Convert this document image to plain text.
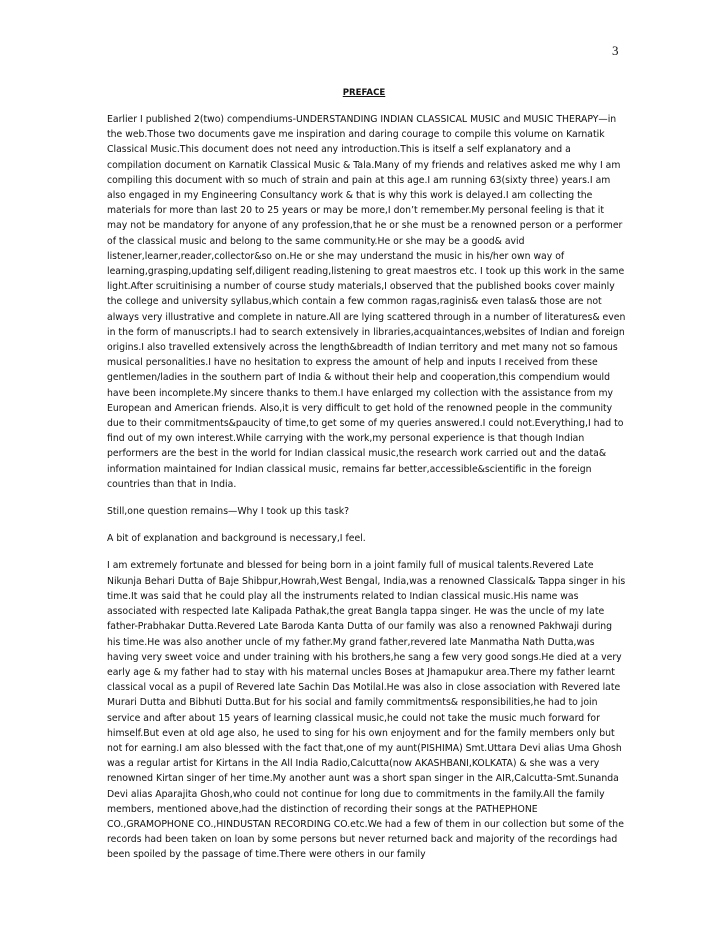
3
PREFACE

Earlier I published 2(two) compendiums-UNDERSTANDING INDIAN CLASSICAL MUSIC and MUSIC THERAPY—in the web.Those two documents gave me inspiration and daring courage to compile this volume on Karnatik Classical Music.This document does not need any introduction.This is itself a self explanatory and a compilation document on Karnatik Classical Music & Tala.Many of my friends and relatives asked me why I am compiling this document with so much of strain and pain at this age.I am running 63(sixty three) years.I am also engaged in my Engineering Consultancy work & that is why this work is delayed.I am collecting the materials for more than last 20 to 25 years or may be more,I don’t remember.My personal feeling is that it may not be mandatory for anyone of any profession,that he or she must be a renowned person or a performer of the classical music and belong to the same community.He or she may be a good& avid listener,learner,reader,collector&so on.He or she may understand the music in his/her own way of learning,grasping,updating self,diligent reading,listening to great maestros etc. I took up this work in the same light.After scruitinising a number of course study materials,I observed that the published books cover mainly the college and university syllabus,which contain a few common ragas,raginis& even talas& those are not always very illustrative and complete in nature.All are lying scattered through in a number of literatures& even in the form of manuscripts.I had to search extensively in libraries,acquaintances,websites of Indian and foreign origins.I also travelled extensively across the length&breadth of Indian territory and met many not so famous musical personalities.I have no hesitation to express the amount of help and inputs I received from these gentlemen/ladies in the southern part of India & without their help and cooperation,this compendium would have been incomplete.My sincere thanks to them.I have enlarged my collection with the assistance from my European and American friends. Also,it is very difficult to get hold of the renowned people in the community due to their commitments&paucity of time,to get some of my queries answered.I could not.Everything,I had to find out of my own interest.While carrying with the work,my personal experience is that though Indian performers are the best in the world for Indian classical music,the research work carried out and the data& information maintained for Indian classical music, remains far better,accessible&scientific in the foreign countries than that in India.

Still,one question remains—Why I took up this task?

A bit of explanation and background is necessary,I feel.

I am extremely fortunate and blessed for being born in a joint family full of musical talents.Revered Late Nikunja Behari Dutta of Baje Shibpur,Howrah,West Bengal, India,was a renowned Classical& Tappa singer in his time.It was said that he could play all the instruments related to Indian classical music.His name was associated with respected late Kalipada Pathak,the great Bangla tappa singer. He was the uncle of my late father-Prabhakar Dutta.Revered Late Baroda Kanta Dutta of our family was also a renowned Pakhwaji during his time.He was also another uncle of my father.My grand father,revered late Manmatha Nath Dutta,was having very sweet voice and under training with his brothers,he sang a few very good songs.He died at a very early age & my father had to stay with his maternal uncles Boses at Jhamapukur area.There my father learnt classical vocal as a pupil of Revered late Sachin Das Motilal.He was also in close association with Revered late Murari Dutta and Bibhuti Dutta.But for his social and family commitments& responsibilities,he had to join service and after about 15 years of learning classical music,he could not take the music much forward for himself.But even at old age also, he used to sing for his own enjoyment and for the family members only but not for earning.I am also blessed with the fact that,one of my aunt(PISHIMA) Smt.Uttara Devi alias Uma Ghosh was a regular artist for Kirtans in the All India Radio,Calcutta(now AKASHBANI,KOLKATA) & she was a very renowned Kirtan singer of her time.My another aunt was a short span singer in the AIR,Calcutta-Smt.Sunanda Devi alias Aparajita Ghosh,who could not continue for long due to commitments in the family.All the family members, mentioned above,had the distinction of recording their songs at the PATHEPHONE CO.,GRAMOPHONE CO.,HINDUSTAN RECORDING CO.etc.We had a few of them in our collection but some of the records had been taken on loan by some persons but never returned back and majority of the recordings had been spoiled by the passage of time.There were others in our family
